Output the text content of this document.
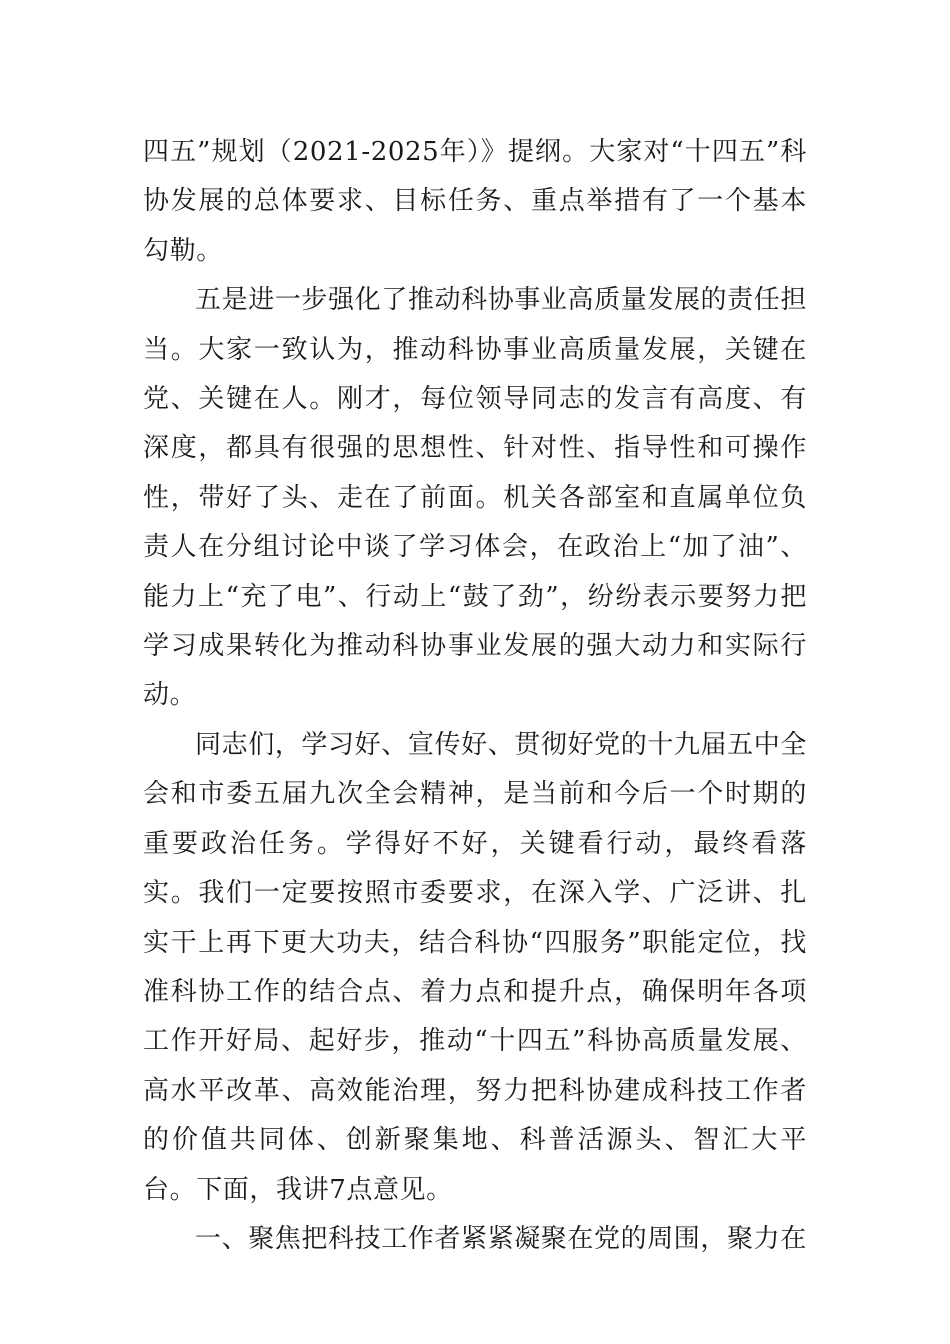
四五”规划（2021-2025年）》提纲。大家对“十四五”科协发展的总体要求、目标任务、重点举措有了一个基本勾勒。

五是进一步强化了推动科协事业高质量发展的责任担当。大家一致认为，推动科协事业高质量发展，关键在党、关键在人。刚才，每位领导同志的发言有高度、有深度，都具有很强的思想性、针对性、指导性和可操作性，带好了头、走在了前面。机关各部室和直属单位负责人在分组讨论中谈了学习体会，在政治上“加了油”、能力上“充了电”、行动上“鼓了劲”，纷纷表示要努力把学习成果转化为推动科协事业发展的强大动力和实际行动。

同志们，学习好、宣传好、贯彻好党的十九届五中全会和市委五届九次全会精神，是当前和今后一个时期的重要政治任务。学得好不好，关键看行动，最终看落实。我们一定要按照市委要求，在深入学、广泛讲、扎实干上再下更大功夫，结合科协“四服务”职能定位，找准科协工作的结合点、着力点和提升点，确保明年各项工作开好局、起好步，推动“十四五”科协高质量发展、高水平改革、高效能治理，努力把科协建成科技工作者的价值共同体、创新聚集地、科普活源头、智汇大平台。下面，我讲7点意见。

一、聚焦把科技工作者紧紧凝聚在党的周围，聚力在
